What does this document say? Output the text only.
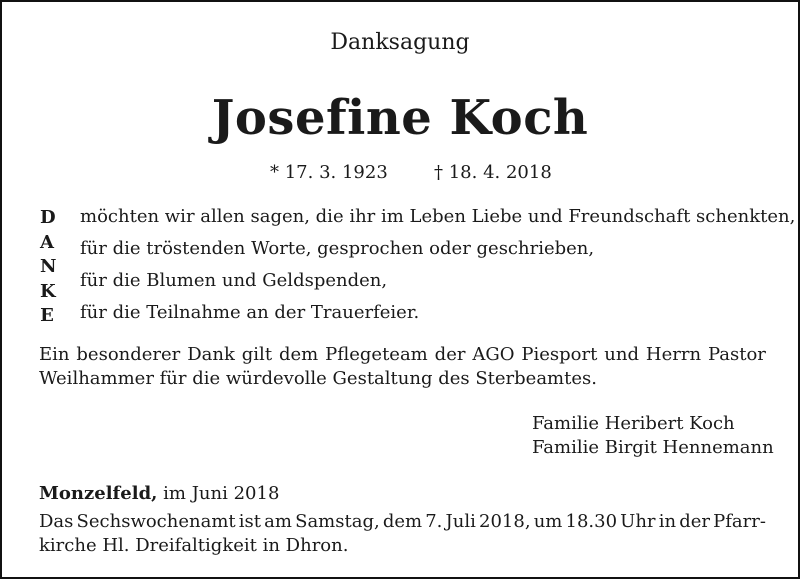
Danksagung
Josefine Koch
* 17. 3. 1923	† 18. 4. 2018
D
A
N
K
E
möchten wir allen sagen, die ihr im Leben Liebe und Freundschaft schenkten,
für die tröstenden Worte, gesprochen oder geschrieben,
für die Blumen und Geldspenden,
für die Teilnahme an der Trauerfeier.
Ein besonderer Dank gilt dem Pflegeteam der AGO Piesport und Herrn Pastor
Weilhammer für die würdevolle Gestaltung des Sterbeamtes.
Familie Heribert Koch
Familie Birgit Hennemann
Monzelfeld, im Juni 2018
Das Sechswochenamt ist am Samstag, dem 7. Juli 2018, um 18.30 Uhr in der Pfarr-
kirche Hl. Dreifaltigkeit in Dhron.
